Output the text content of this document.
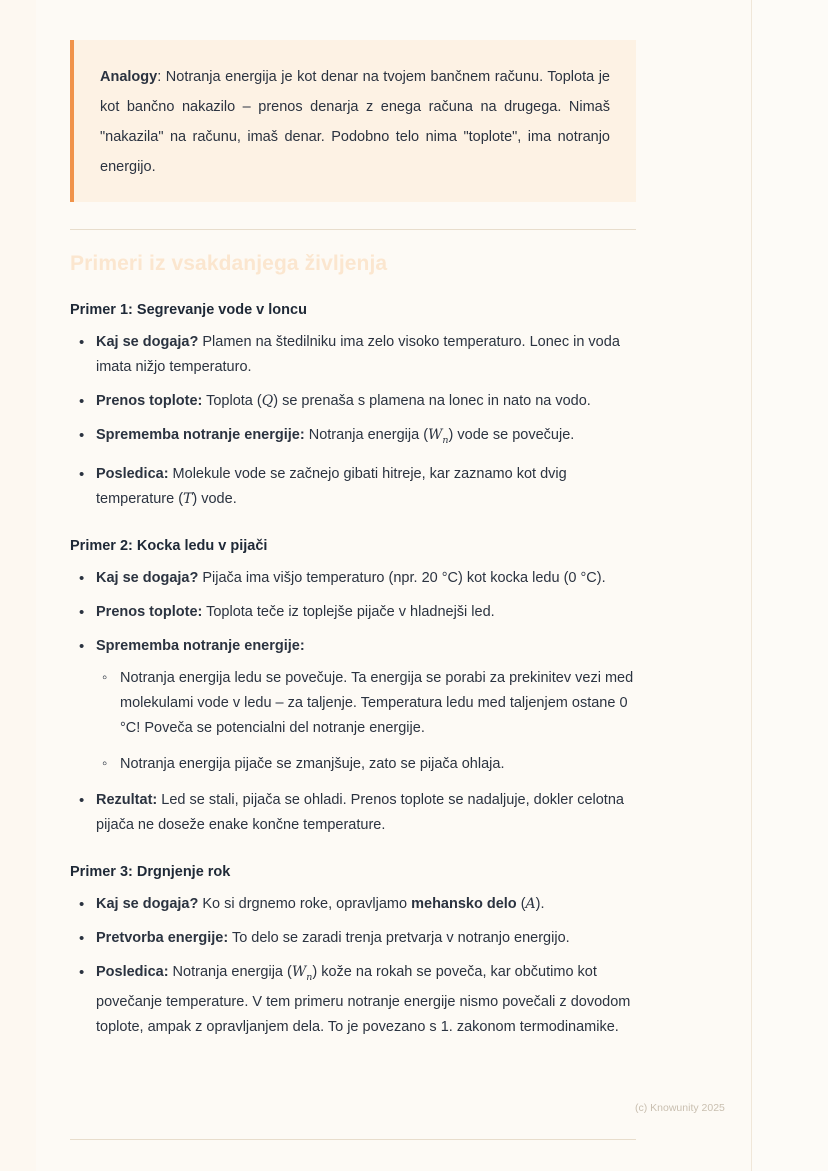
Analogy: Notranja energija je kot denar na tvojem bančnem računu. Toplota je kot bančno nakazilo – prenos denarja z enega računa na drugega. Nimaš "nakazila" na računu, imaš denar. Podobno telo nima "toplote", ima notranjo energijo.

Primeri iz vsakdanjega življenja
Primer 1: Segrevanje vode v loncu
• Kaj se dogaja? Plamen na štedilniku ima zelo visoko temperaturo. Lonec in voda imata nižjo temperaturo.
• Prenos toplote: Toplota (Q) se prenaša s plamena na lonec in nato na vodo.
• Sprememba notranje energije: Notranja energija $(W_n)$ vode se povečuje.
• Posledica: Molekule vode se začnejo gibati hitreje, kar zaznamo kot dvig temperature (T) vode.
Primer 2: Kocka ledu v pijači
• Kaj se dogaja? Pijača ima višjo temperaturo (npr. 20 °C) kot kocka ledu (0 °C).
• Prenos toplote: Toplota teče iz toplejše pijače v hladnejši led.
• Sprememba notranje energije:
◦ Notranja energija ledu se povečuje. Ta energija se porabi za prekinitev vezi med molekulami vode v ledu – za taljenje. Temperatura ledu med taljenjem ostane 0 °C! Poveča se potencialni del notranje energije.
◦ Notranja energija pijače se zmanjšuje, zato se pijača ohlaja.
• Rezultat: Led se stali, pijača se ohladi. Prenos toplote se nadaljuje, dokler celotna pijača ne doseže enake končne temperature.
Primer 3: Drgnjenje rok
• Kaj se dogaja? Ko si drgnemo roke, opravljamo mehansko delo (A).
• Pretvorba energije: To delo se zaradi trenja pretvarja v notranjo energijo.
• Posledica: Notranja energija $(W_n)$ kože na rokah se poveča, kar občutimo kot povečanje temperature. V tem primeru notranje energije nismo povečali z dovodom toplote, ampak z opravljanjem dela. To je povezano s 1. zakonom termodinamike.
(c) Knowunity 2025
